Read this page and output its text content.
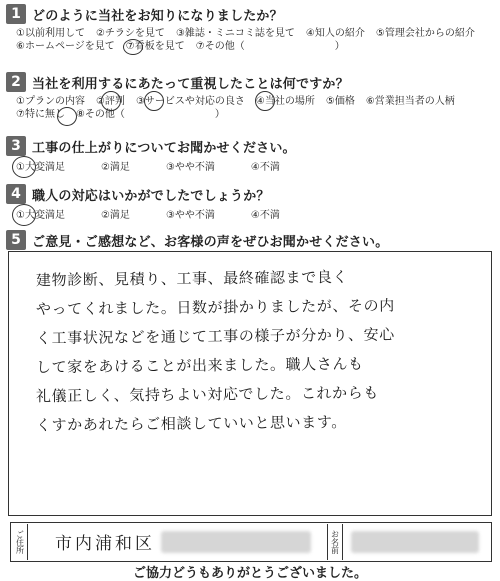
1 どのように当社をお知りになりましたか？
①以前利用して ②チラシを見て ③雑誌・ミニコミ誌を見て ④知人の紹介 ⑤管理会社からの紹介
⑥ホームページを見て ⑦看板を見て ⑦その他（　　　　　　　　　）
2 当社を利用するにあたって重視したことは何ですか？
①プランの内容 ②評判 ③サービスや対応の良さ ④当社の場所 ⑤価格 ⑥営業担当者の人柄
⑦特に無し ⑧その他（　　　　　　　　　）
3 工事の仕上がりについてお聞かせください。
①大変満足	②満足	③やや不満	④不満
4 職人の対応はいかがでしたでしょうか？
①大変満足	②満足	③やや不満	④不満
5 ご意見・ご感想など、お客様の声をぜひお聞かせください。
建物診断、見積り、工事、最終確認まで良く
やってくれました。日数が掛かりましたが、その内
く工事状況などを通じて工事の様子が分かり、安心
して家をあけることが出来ました。職人さんも
礼儀正しく、気持ちよい対応でした。これからも
くすかあれたらご相談していいと思います。
ご住所 市内浦和区	お名前
ご協力どうもありがとうございました。
